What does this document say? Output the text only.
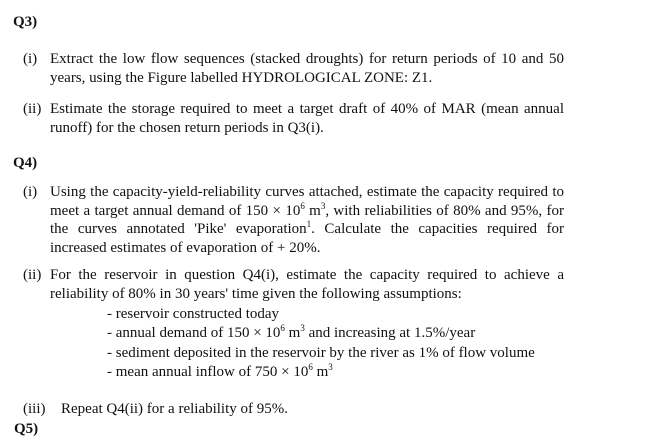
Q3)
(i) Extract the low flow sequences (stacked droughts) for return periods of 10 and 50 years, using the Figure labelled HYDROLOGICAL ZONE: Z1.
(ii) Estimate the storage required to meet a target draft of 40% of MAR (mean annual runoff) for the chosen return periods in Q3(i).
Q4)
(i) Using the capacity-yield-reliability curves attached, estimate the capacity required to meet a target annual demand of $150 \times 10^6$ $m^3$, with reliabilities of 80% and 95%, for the curves annotated 'Pike' evaporation$^1$. Calculate the capacities required for increased estimates of evaporation of + 20%.
(ii) For the reservoir in question Q4(i), estimate the capacity required to achieve a reliability of 80% in 30 years' time given the following assumptions:
- reservoir constructed today
- annual demand of $150 \times 10^6$ $m^3$ and increasing at 1.5%/year
- sediment deposited in the reservoir by the river as 1% of flow volume
- mean annual inflow of $750 \times 10^6$ $m^3$
(iii) Repeat Q4(ii) for a reliability of 95%.
Q5)
